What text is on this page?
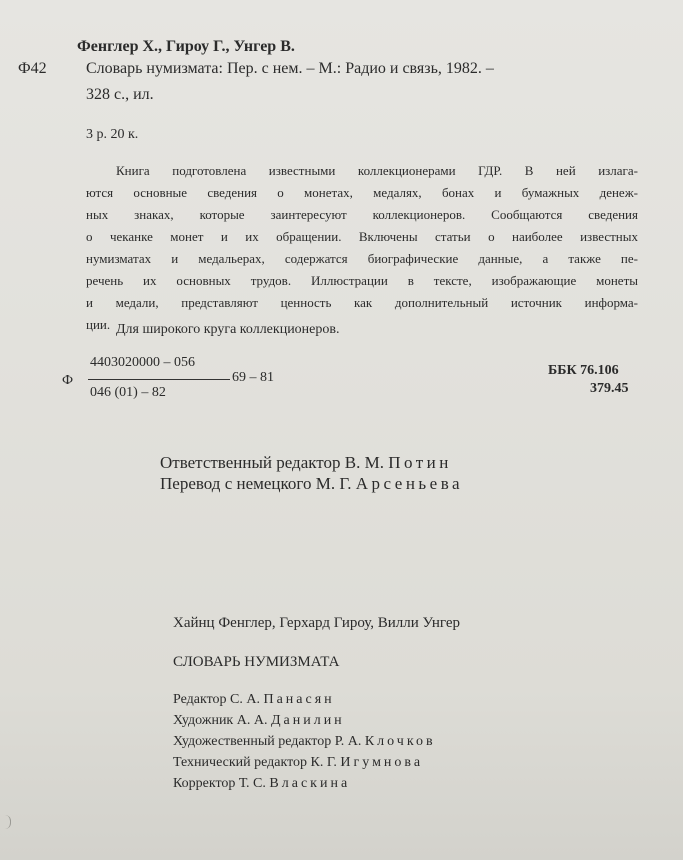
Фенглер Х., Гироу Г., Унгер В.
Ф42 Словарь нумизмата: Пер. с нем. – М.: Радио и связь, 1982. –
328 с., ил.
3 р. 20 к.
Книга подготовлена известными коллекционерами ГДР. В ней излага-
ются основные сведения о монетах, медалях, бонах и бумажных денеж-
ных знаках, которые заинтересуют коллекционеров. Сообщаются сведения
о чеканке монет и их обращении. Включены статьи о наиболее известных
нумизматах и медальерах, содержатся биографические данные, а также пе-
речень их основных трудов. Иллюстрации в тексте, изображающие монеты
и медали, представляют ценность как дополнительный источник информа-
ции. Для широкого круга коллекционеров.
Ф
4403020000 – 056
046 (01) – 82
69 – 81	ББК 76.106
379.45
Ответственный редактор В. М. Потин
Перевод с немецкого М. Г. Арсеньева
Хайнц Фенглер, Герхард Гироу, Вилли Унгер
СЛОВАРЬ НУМИЗМАТА
Редактор С. А. Панасян
Художник А. А. Данилин
Художественный редактор Р. А. Клочков
Технический редактор К. Г. Игумнова
Корректор Т. С. Власкина
